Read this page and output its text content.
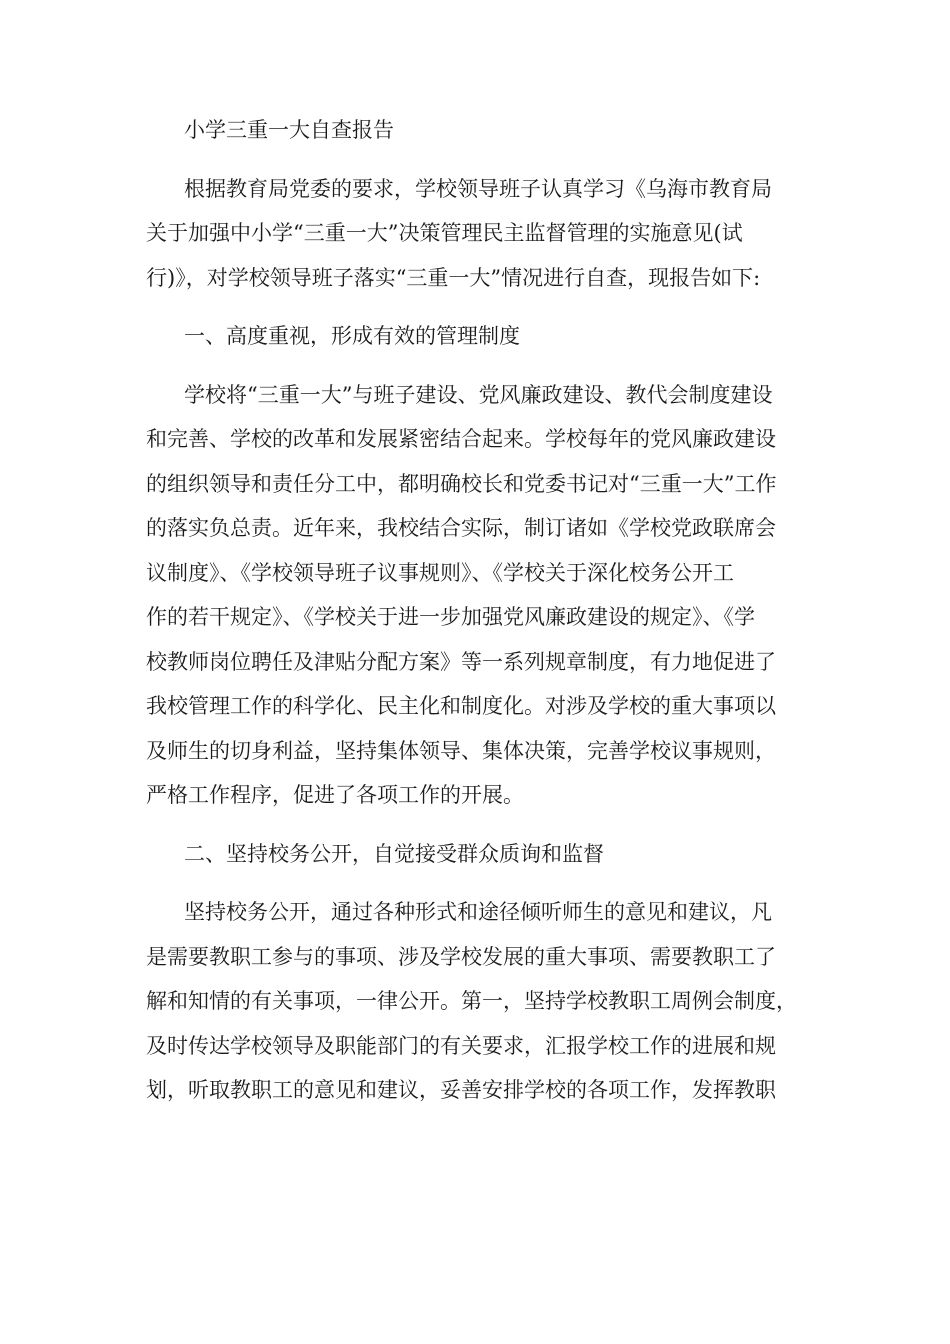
小学三重一大自查报告
根据教育局党委的要求，学校领导班子认真学习《乌海市教育局
关于加强中小学“三重一大”决策管理民主监督管理的实施意见(试
行)》，对学校领导班子落实“三重一大”情况进行自查，现报告如下:
一、高度重视，形成有效的管理制度
学校将“三重一大”与班子建设、党风廉政建设、教代会制度建设
和完善、学校的改革和发展紧密结合起来。学校每年的党风廉政建设
的组织领导和责任分工中，都明确校长和党委书记对“三重一大”工作
的落实负总责。近年来，我校结合实际，制订诸如《学校党政联席会
议制度》、《学校领导班子议事规则》、《学校关于深化校务公开工
作的若干规定》、《学校关于进一步加强党风廉政建设的规定》、《学
校教师岗位聘任及津贴分配方案》等一系列规章制度，有力地促进了
我校管理工作的科学化、民主化和制度化。对涉及学校的重大事项以
及师生的切身利益，坚持集体领导、集体决策，完善学校议事规则，
严格工作程序，促进了各项工作的开展。
二、坚持校务公开，自觉接受群众质询和监督
坚持校务公开，通过各种形式和途径倾听师生的意见和建议，凡
是需要教职工参与的事项、涉及学校发展的重大事项、需要教职工了
解和知情的有关事项，一律公开。第一，坚持学校教职工周例会制度，
及时传达学校领导及职能部门的有关要求，汇报学校工作的进展和规
划，听取教职工的意见和建议，妥善安排学校的各项工作，发挥教职
